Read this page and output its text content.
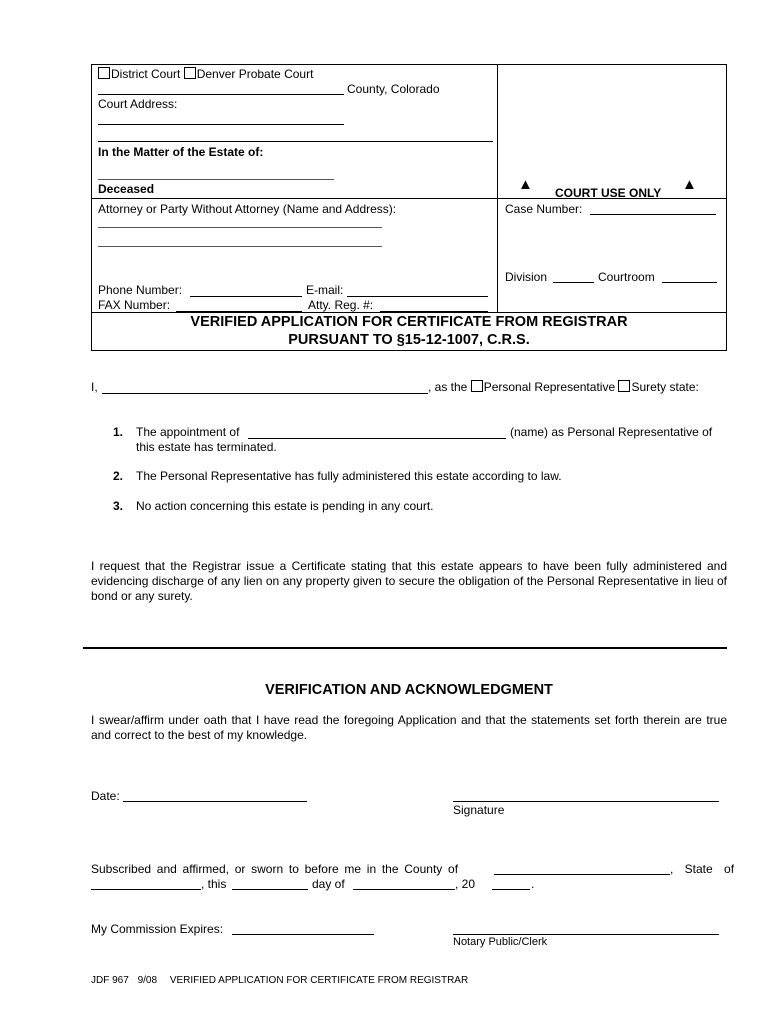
District Court Denver Probate Court
County, Colorado
Court Address:
In the Matter of the Estate of:
Deceased
Attorney or Party Without Attorney (Name and Address):
Phone Number:	E-mail:
FAX Number:	Atty. Reg. #:
▲ COURT USE ONLY ▲
Case Number:
Division	Courtroom
VERIFIED APPLICATION FOR CERTIFICATE FROM REGISTRAR
PURSUANT TO §15-12-1007, C.R.S.
I,	, as the Personal Representative Surety state:
1. The appointment of	(name) as Personal Representative of
this estate has terminated.
2. The Personal Representative has fully administered this estate according to law.
3. No action concerning this estate is pending in any court.
I request that the Registrar issue a Certificate stating that this estate appears to have been fully administered and evidencing discharge of any lien on any property given to secure the obligation of the Personal Representative in lieu of bond or any surety.
VERIFICATION AND ACKNOWLEDGMENT
I swear/affirm under oath that I have read the foregoing Application and that the statements set forth therein are true and correct to the best of my knowledge.
Date:
Signature
Subscribed and affirmed, or sworn to before me in the County of	, State of
, this	day of	, 20	.
My Commission Expires:
Notary Public/Clerk
JDF 967 9/08 VERIFIED APPLICATION FOR CERTIFICATE FROM REGISTRAR
